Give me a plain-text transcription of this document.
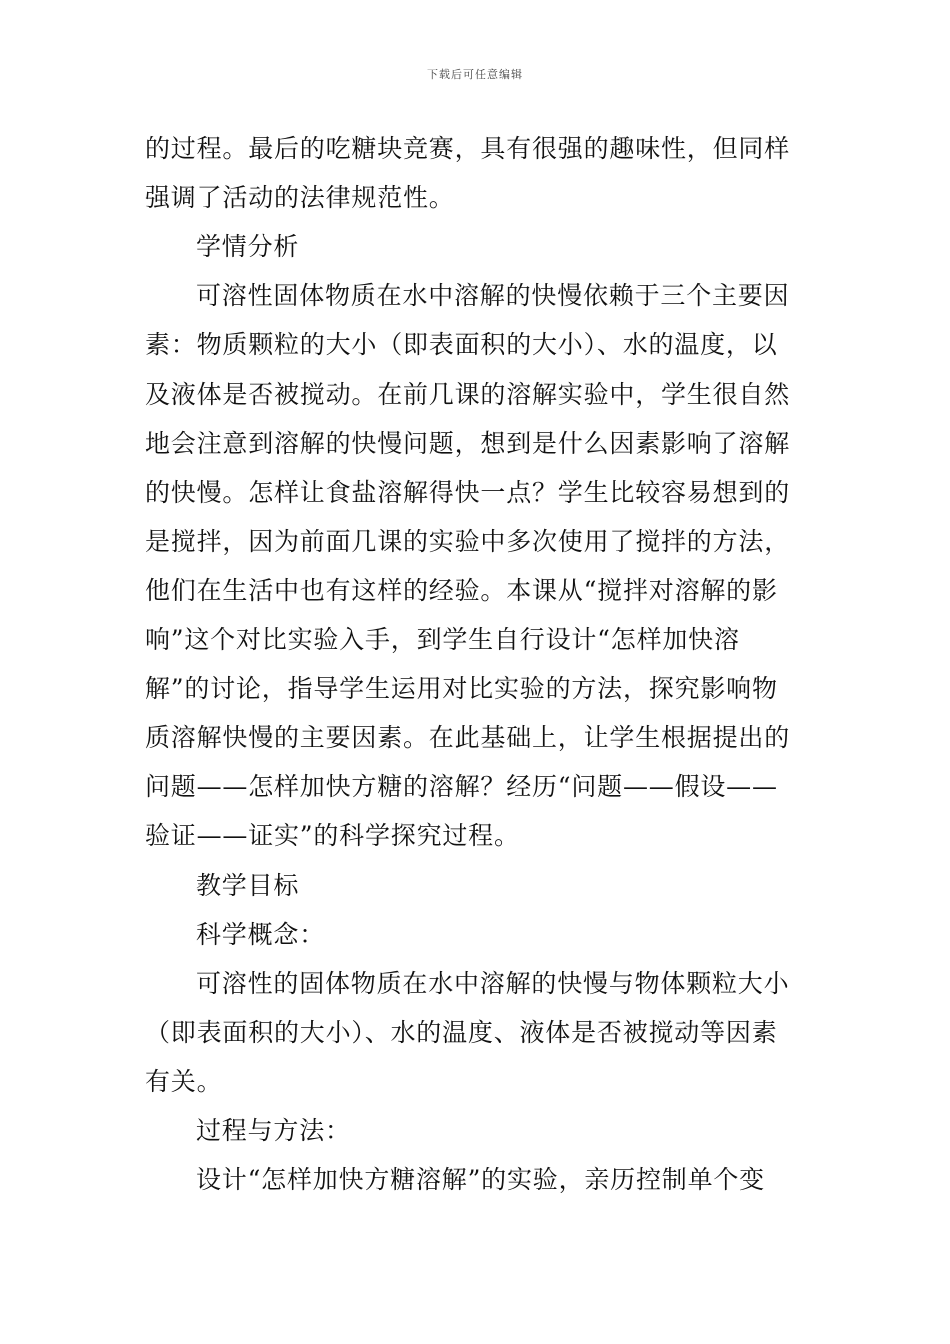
下载后可任意编辑
的过程。最后的吃糖块竞赛，具有很强的趣味性，但同样
强调了活动的法律规范性。
学情分析
可溶性固体物质在水中溶解的快慢依赖于三个主要因
素：物质颗粒的大小（即表面积的大小）、水的温度，以
及液体是否被搅动。在前几课的溶解实验中，学生很自然
地会注意到溶解的快慢问题，想到是什么因素影响了溶解
的快慢。怎样让食盐溶解得快一点？学生比较容易想到的
是搅拌，因为前面几课的实验中多次使用了搅拌的方法，
他们在生活中也有这样的经验。本课从“搅拌对溶解的影
响”这个对比实验入手，到学生自行设计“怎样加快溶
解”的讨论，指导学生运用对比实验的方法，探究影响物
质溶解快慢的主要因素。在此基础上，让学生根据提出的
问题——怎样加快方糖的溶解？经历“问题——假设——
验证——证实”的科学探究过程。
教学目标
科学概念：
可溶性的固体物质在水中溶解的快慢与物体颗粒大小
（即表面积的大小）、水的温度、液体是否被搅动等因素
有关。
过程与方法：
设计“怎样加快方糖溶解”的实验，亲历控制单个变
